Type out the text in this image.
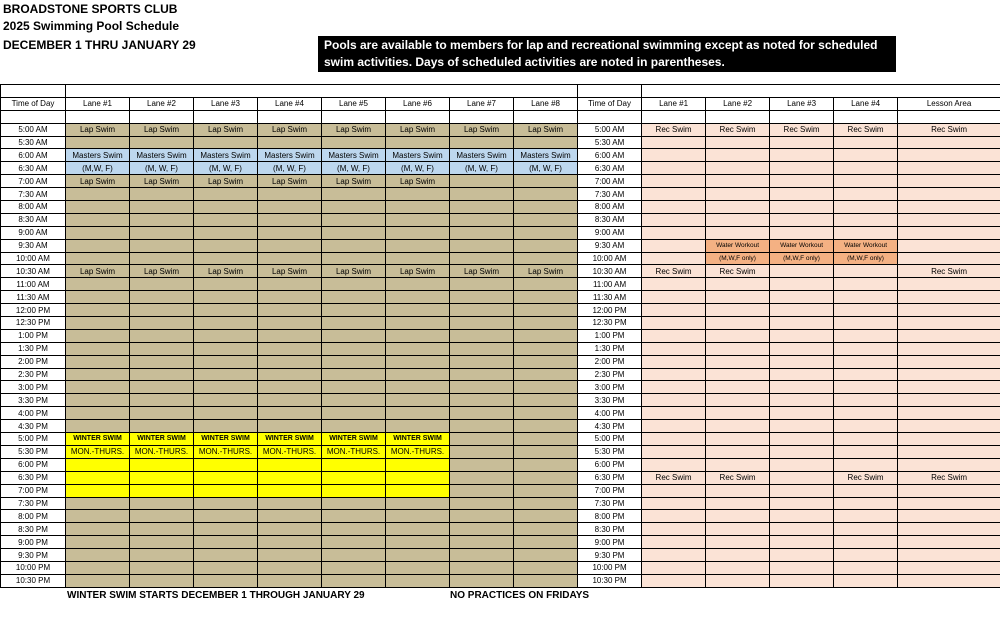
BROADSTONE SPORTS CLUB
2025 Swimming Pool Schedule
DECEMBER 1 THRU JANUARY 29	Pools are available to members for lap and recreational swimming except as noted for scheduled swim activities. Days of scheduled activities are noted in parentheses.
	8- Lane Pool									Family Pool				
Time of Day	Lane #1	Lane #2	Lane #3	Lane #4	Lane #5	Lane #6	Lane #7	Lane #8	Time of Day	Lane #1	Lane #2	Lane #3	Lane #4	Lesson Area

5:00 AM	Lap Swim	Lap Swim	Lap Swim	Lap Swim	Lap Swim	Lap Swim	Lap Swim	Lap Swim	5:00 AM	Rec Swim	Rec Swim	Rec Swim	Rec Swim	Rec Swim
5:30 AM									5:30 AM					
6:00 AM	Masters Swim	Masters Swim	Masters Swim	Masters Swim	Masters Swim	Masters Swim	Masters Swim	Masters Swim	6:00 AM					
6:30 AM	(M,W, F)	(M, W, F)	(M, W, F)	(M, W, F)	(M, W, F)	(M, W, F)	(M, W, F)	(M, W, F)	6:30 AM					
7:00 AM	Lap Swim	Lap Swim	Lap Swim	Lap Swim	Lap Swim	Lap Swim			7:00 AM					
7:30 AM									7:30 AM					
8:00 AM									8:00 AM					
8:30 AM									8:30 AM					
9:00 AM									9:00 AM					
9:30 AM									9:30 AM		Water Workout	Water Workout	Water Workout	
10:00 AM									10:00 AM		(M,W,F only)	(M,W,F only)	(M,W,F only)	
10:30 AM	Lap Swim	Lap Swim	Lap Swim	Lap Swim	Lap Swim	Lap Swim	Lap Swim	Lap Swim	10:30 AM	Rec Swim	Rec Swim			Rec Swim
11:00 AM									11:00 AM					
11:30 AM									11:30 AM					
12:00 PM									12:00 PM					
12:30 PM									12:30 PM					
1:00 PM									1:00 PM					
1:30 PM									1:30 PM					
2:00 PM									2:00 PM					
2:30 PM									2:30 PM					
3:00 PM									3:00 PM					
3:30 PM									3:30 PM					
4:00 PM									4:00 PM					
4:30 PM									4:30 PM					
5:00 PM	WINTER SWIM	WINTER SWIM	WINTER SWIM	WINTER SWIM	WINTER SWIM	WINTER SWIM			5:00 PM					
5:30 PM	MON.-THURS.	MON.-THURS.	MON.-THURS.	MON.-THURS.	MON.-THURS.	MON.-THURS.			5:30 PM					
6:00 PM									6:00 PM					
6:30 PM									6:30 PM	Rec Swim	Rec Swim		Rec Swim	Rec Swim
7:00 PM									7:00 PM					
7:30 PM									7:30 PM					
8:00 PM									8:00 PM					
8:30 PM									8:30 PM					
9:00 PM									9:00 PM					
9:30 PM									9:30 PM					
10:00 PM									10:00 PM					
10:30 PM									10:30 PM					
WINTER SWIM STARTS DECEMBER 1 THROUGH JANUARY 29	NO PRACTICES ON FRIDAYS
